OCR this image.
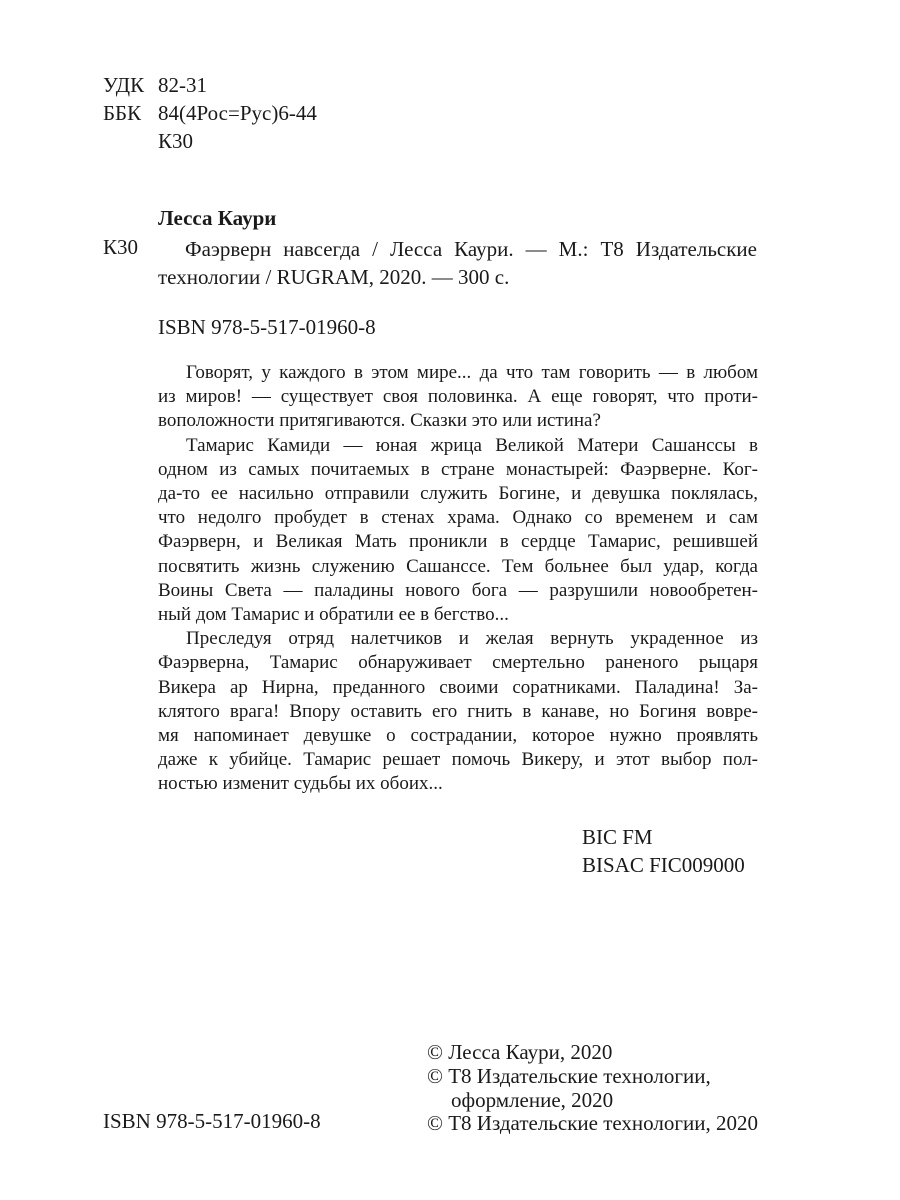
УДК 82-31
ББК 84(4Рос=Рус)6-44
К30
Лесса Каури
К30 Фаэрверн навсегда / Лесса Каури. — М.: Т8 Издательские
технологии / RUGRAM, 2020. — 300 с.
ISBN 978-5-517-01960-8
Говорят, у каждого в этом мире... да что там говорить — в любом
из миров! — существует своя половинка. А еще говорят, что проти-
воположности притягиваются. Сказки это или истина?
Тамарис Камиди — юная жрица Великой Матери Сашанссы в
одном из самых почитаемых в стране монастырей: Фаэрверне. Ког-
да-то ее насильно отправили служить Богине, и девушка поклялась,
что недолго пробудет в стенах храма. Однако со временем и сам
Фаэрверн, и Великая Мать проникли в сердце Тамарис, решившей
посвятить жизнь служению Сашанссе. Тем больнее был удар, когда
Воины Света — паладины нового бога — разрушили новообретен-
ный дом Тамарис и обратили ее в бегство...
Преследуя отряд налетчиков и желая вернуть украденное из
Фаэрверна, Тамарис обнаруживает смертельно раненого рыцаря
Викера ар Нирна, преданного своими соратниками. Паладина! За-
клятого врага! Впору оставить его гнить в канаве, но Богиня вовре-
мя напоминает девушке о сострадании, которое нужно проявлять
даже к убийце. Тамарис решает помочь Викеру, и этот выбор пол-
ностью изменит судьбы их обоих...
BIC FM
BISAC FIC009000
© Лесса Каури, 2020
© Т8 Издательские технологии,
оформление, 2020
© Т8 Издательские технологии, 2020
ISBN 978-5-517-01960-8
